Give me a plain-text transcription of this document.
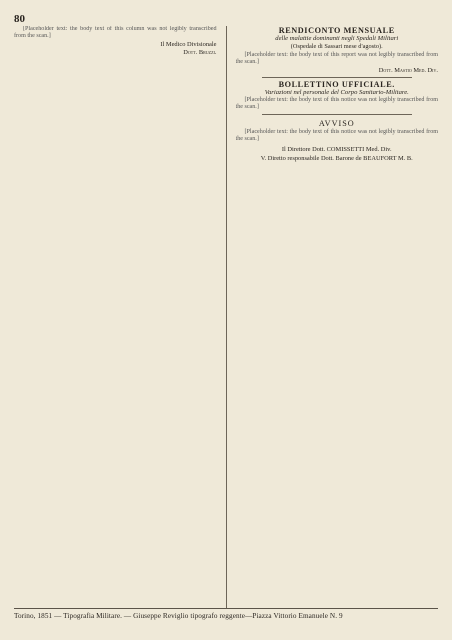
80

[Placeholder text: the body text of this column was not legibly transcribed from the scan.]

Il Medico Divisionale
Dott. Bruzzi.
RENDICONTO MENSUALE
delle malattie dominanti negli Spedali Militari
(Ospedale di Sassari mese d'agosto).

[Placeholder text: the body text of this report was not legibly transcribed from the scan.]

Dott. Mastio Med. Div.
BOLLETTINO UFFICIALE.
Variazioni nel personale del Corpo Sanitario-Militare.

[Placeholder text: the body text of this notice was not legibly transcribed from the scan.]

AVVISO

[Placeholder text: the body text of this notice was not legibly transcribed from the scan.]

Il Direttore Dott. COMISSETTI Med. Div.
V. Diretto responsabile Dott. Barone de BEAUFORT M. B.
Torino, 1851 — Tipografia Militare. — Giuseppe Reviglio tipografo reggente—Piazza Vittorio Emanuele N. 9
